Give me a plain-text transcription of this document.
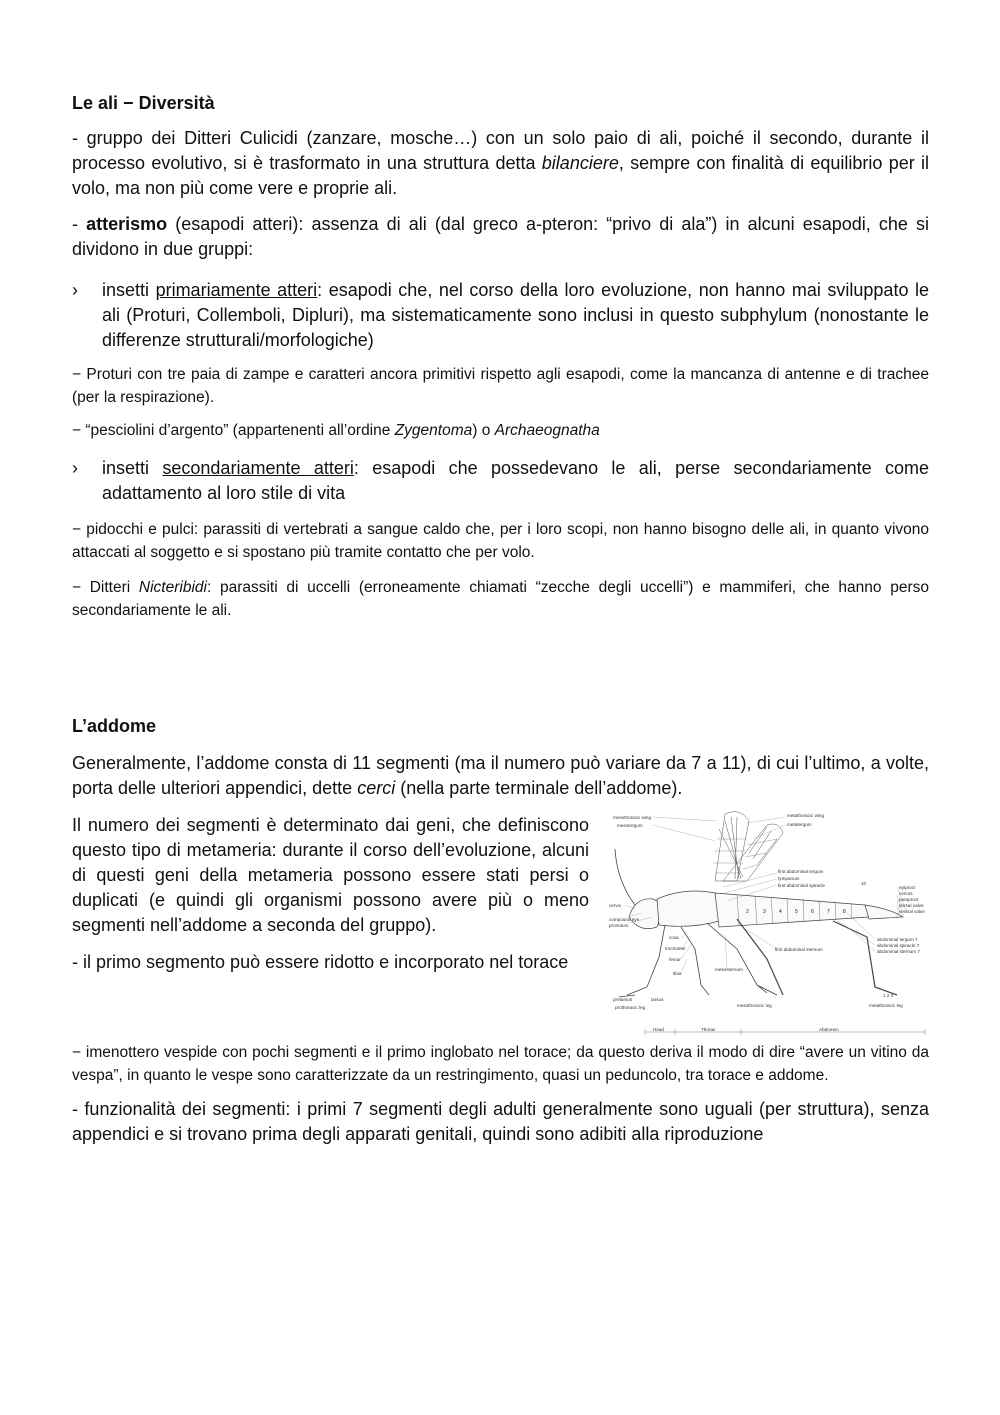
Le ali − Diversità

- gruppo dei Ditteri Culicidi (zanzare, mosche…) con un solo paio di ali, poiché il secondo, durante il processo evolutivo, si è trasformato in una struttura detta bilanciere, sempre con finalità di equilibrio per il volo, ma non più come vere e proprie ali.

- atterismo (esapodi atteri): assenza di ali (dal greco a-pteron: “privo di ala”) in alcuni esapodi, che si dividono in due gruppi:

›	insetti primariamente atteri: esapodi che, nel corso della loro evoluzione, non hanno mai sviluppato le ali (Proturi, Collemboli, Dipluri), ma sistematicamente sono inclusi in questo subphylum (nonostante le differenze strutturali/morfologiche)

− Proturi con tre paia di zampe e caratteri ancora primitivi rispetto agli esapodi, come la mancanza di antenne e di trachee (per la respirazione).

− “pesciolini d’argento” (appartenenti all’ordine Zygentoma) o Archaeognatha

›	insetti secondariamente atteri: esapodi che possedevano le ali, perse secondariamente come adattamento al loro stile di vita

− pidocchi e pulci: parassiti di vertebrati a sangue caldo che, per i loro scopi, non hanno bisogno delle ali, in quanto vivono attaccati al soggetto e si spostano più tramite contatto che per volo.

− Ditteri Nicteribidi: parassiti di uccelli (erroneamente chiamati “zecche degli uccelli”) e mammiferi, che hanno perso secondariamente le ali.

L’addome

Generalmente, l’addome consta di 11 segmenti (ma il numero può variare da 7 a 11), di cui l’ultimo, a volte, porta delle ulteriori appendici, dette cerci (nella parte terminale dell’addome).

Il numero dei segmenti è determinato dai geni, che definiscono questo tipo di metameria: durante il corso dell’evoluzione, alcuni di questi geni della metameria possono essere stati persi o duplicati (e quindi gli organismi possono avere più o meno segmenti nell’addome a seconda del gruppo).

- il primo segmento può essere ridotto e incorporato nel torace

2	3	4	5	6	7	8
mesothoracic wing
mesotergum
metathoracic wing
metatergum
first abdominal tergum
tympanum
first abdominal spiracle	10
epiproct
cercus
paraproct
dorsal valve
ventral valve
cervix
compound eye
pronotum
coxa
trochanter
femur
tibia
mesosternum
first abdominal sternum
abdominal tergum 7
abdominal spiracle 7
abdominal sternum 7
pretarsus	tarsus
prothoracic leg	mesothoracic leg	metathoracic leg
1 2 3
Head	Thorax	Abdomen

− imenottero vespide con pochi segmenti e il primo inglobato nel torace; da questo deriva il modo di dire “avere un vitino da vespa”, in quanto le vespe sono caratterizzate da un restringimento, quasi un peduncolo, tra torace e addome.

- funzionalità dei segmenti: i primi 7 segmenti degli adulti generalmente sono uguali (per struttura), senza appendici e si trovano prima degli apparati genitali, quindi sono adibiti alla riproduzione
